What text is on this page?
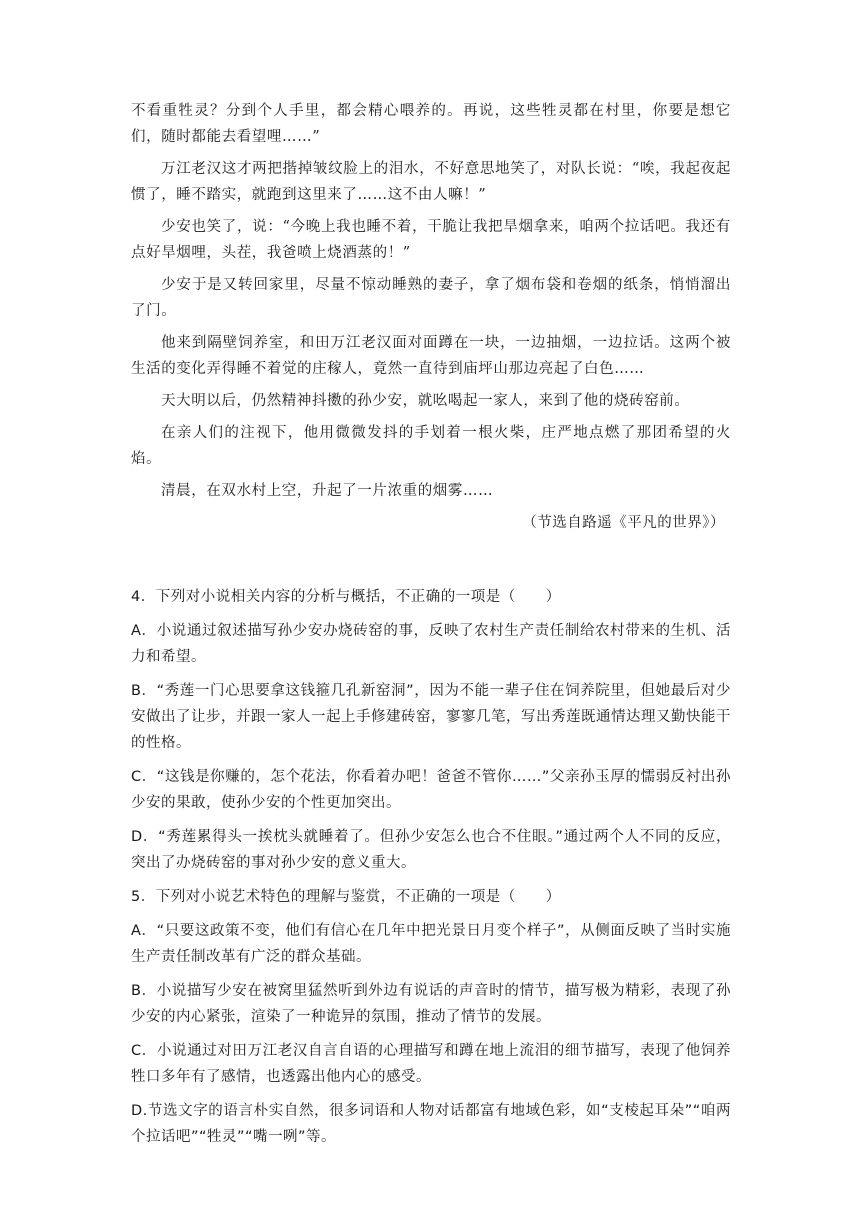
不看重牲灵？分到个人手里，都会精心喂养的。再说，这些牲灵都在村里，你要是想它们，随时都能去看望哩……”

万江老汉这才两把揩掉皱纹脸上的泪水，不好意思地笑了，对队长说：“唉，我起夜起惯了，睡不踏实，就跑到这里来了……这不由人嘛！”

少安也笑了，说：“今晚上我也睡不着，干脆让我把旱烟拿来，咱两个拉话吧。我还有点好旱烟哩，头茬，我爸喷上烧酒蒸的！”

少安于是又转回家里，尽量不惊动睡熟的妻子，拿了烟布袋和卷烟的纸条，悄悄溜出了门。

他来到隔壁饲养室，和田万江老汉面对面蹲在一块，一边抽烟，一边拉话。这两个被生活的变化弄得睡不着觉的庄稼人，竟然一直待到庙坪山那边亮起了白色……

天大明以后，仍然精神抖擞的孙少安，就吆喝起一家人，来到了他的烧砖窑前。

在亲人们的注视下，他用微微发抖的手划着一根火柴，庄严地点燃了那团希望的火焰。

清晨，在双水村上空，升起了一片浓重的烟雾……

（节选自路遥《平凡的世界》）

4．下列对小说相关内容的分析与概括，不正确的一项是（　　）

A．小说通过叙述描写孙少安办烧砖窑的事，反映了农村生产责任制给农村带来的生机、活力和希望。

B．“秀莲一门心思要拿这钱箍几孔新窑洞”，因为不能一辈子住在饲养院里，但她最后对少安做出了让步，并跟一家人一起上手修建砖窑，寥寥几笔，写出秀莲既通情达理又勤快能干的性格。

C．“这钱是你赚的，怎个花法，你看着办吧！爸爸不管你……”父亲孙玉厚的懦弱反衬出孙少安的果敢，使孙少安的个性更加突出。

D．“秀莲累得头一挨枕头就睡着了。但孙少安怎么也合不住眼。”通过两个人不同的反应，突出了办烧砖窑的事对孙少安的意义重大。

5．下列对小说艺术特色的理解与鉴赏，不正确的一项是（　　）

A．“只要这政策不变，他们有信心在几年中把光景日月变个样子”，从侧面反映了当时实施生产责任制改革有广泛的群众基础。

B．小说描写少安在被窝里猛然听到外边有说话的声音时的情节，描写极为精彩，表现了孙少安的内心紧张，渲染了一种诡异的氛围，推动了情节的发展。

C．小说通过对田万江老汉自言自语的心理描写和蹲在地上流泪的细节描写，表现了他饲养牲口多年有了感情，也透露出他内心的感受。

D.节选文字的语言朴实自然，很多词语和人物对话都富有地域色彩，如“支棱起耳朵”“咱两个拉话吧”“牲灵”“嘴一咧”等。
